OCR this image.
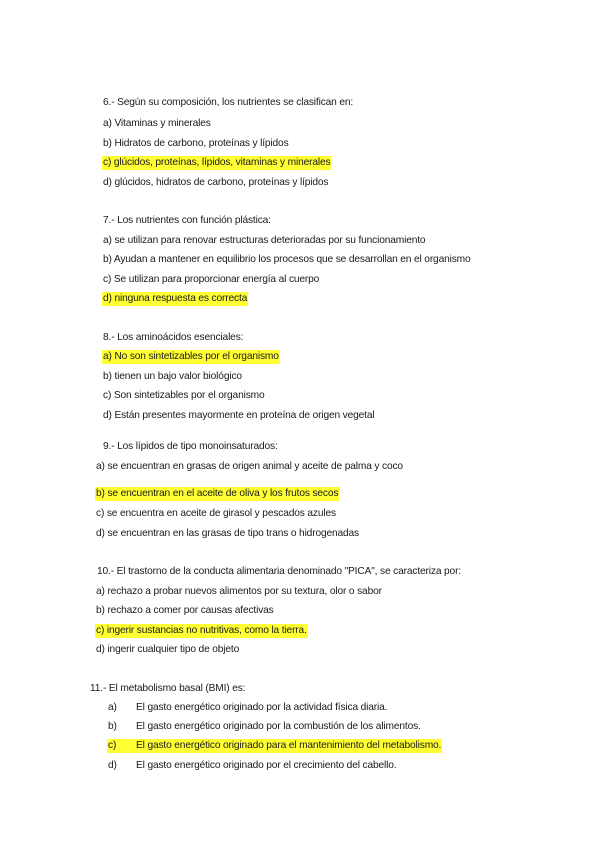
6.- Según su composición, los nutrientes se clasifican en:
a) Vitaminas y minerales
b) Hidratos de carbono, proteínas y lípidos
c) glúcidos, proteínas, lípidos, vitaminas y minerales
d) glúcidos, hidratos de carbono, proteínas y lípidos
7.- Los nutrientes con función plástica:
a) se utilizan para renovar estructuras deterioradas por su funcionamiento
b) Ayudan a mantener en equilibrio los procesos que se desarrollan en el organismo
c) Se utilizan para proporcionar energía al cuerpo
d) ninguna respuesta es correcta
8.- Los aminoácidos esenciales:
a) No son sintetizables por el organismo
b) tienen un bajo valor biológico
c) Son sintetizables por el organismo
d) Están presentes mayormente en proteína de origen vegetal
9.- Los lípidos de tipo monoinsaturados:
a) se encuentran en grasas de origen animal y aceite de palma y coco
b) se encuentran en el aceite de oliva y los frutos secos
c) se encuentra en aceite de girasol y pescados azules
d) se encuentran en las grasas de tipo trans o hidrogenadas
10.- El trastorno de la conducta alimentaria denominado "PICA", se caracteriza por:
a) rechazo a probar nuevos alimentos por su textura, olor o sabor
b) rechazo a comer por causas afectivas
c) ingerir sustancias no nutritivas, como la tierra.
d) ingerir cualquier tipo de objeto
11.- El metabolismo basal (BMI) es:
a) El gasto energético originado por la actividad física diaria.
b) El gasto energético originado por la combustión de los alimentos.
c) El gasto energético originado para el mantenimiento del metabolismo.
d) El gasto energético originado por el crecimiento del cabello.
